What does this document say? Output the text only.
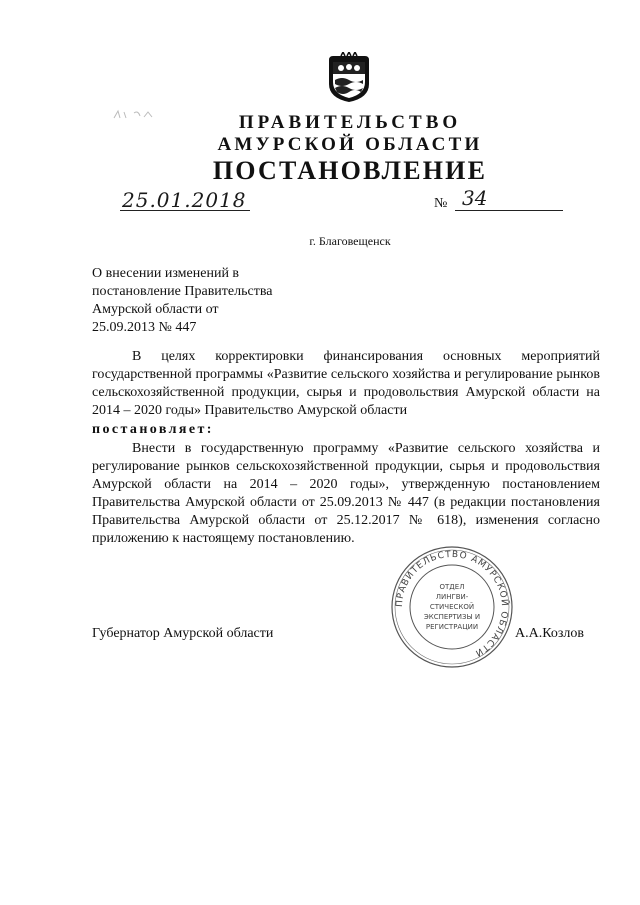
ПРАВИТЕЛЬСТВО
АМУРСКОЙ ОБЛАСТИ
ПОСТАНОВЛЕНИЕ
25.01.2018	№ 34
г. Благовещенск
О внесении изменений в
постановление Правительства
Амурской области от
25.09.2013 № 447
В целях корректировки финансирования основных мероприятий государственной программы «Развитие сельского хозяйства и регулирование рынков сельскохозяйственной продукции, сырья и продовольствия Амурской области на 2014 – 2020 годы» Правительство Амурской области
постановляет:
Внести в государственную программу «Развитие сельского хозяйства и регулирование рынков сельскохозяйственной продукции, сырья и продовольствия Амурской области на 2014 – 2020 годы», утвержденную постановлением Правительства Амурской области от 25.09.2013 № 447 (в редакции постановления Правительства Амурской области от 25.12.2017 № 618), изменения согласно приложению к настоящему постановлению.
Губернатор Амурской области	А.А.Козлов
ПРАВИТЕЛЬСТВО АМУРСКОЙ ОБЛАСТИ
ОТДЕЛ
ЛИНГВИ-
СТИЧЕСКОЙ
ЭКСПЕРТИЗЫ И
РЕГИСТРАЦИИ
